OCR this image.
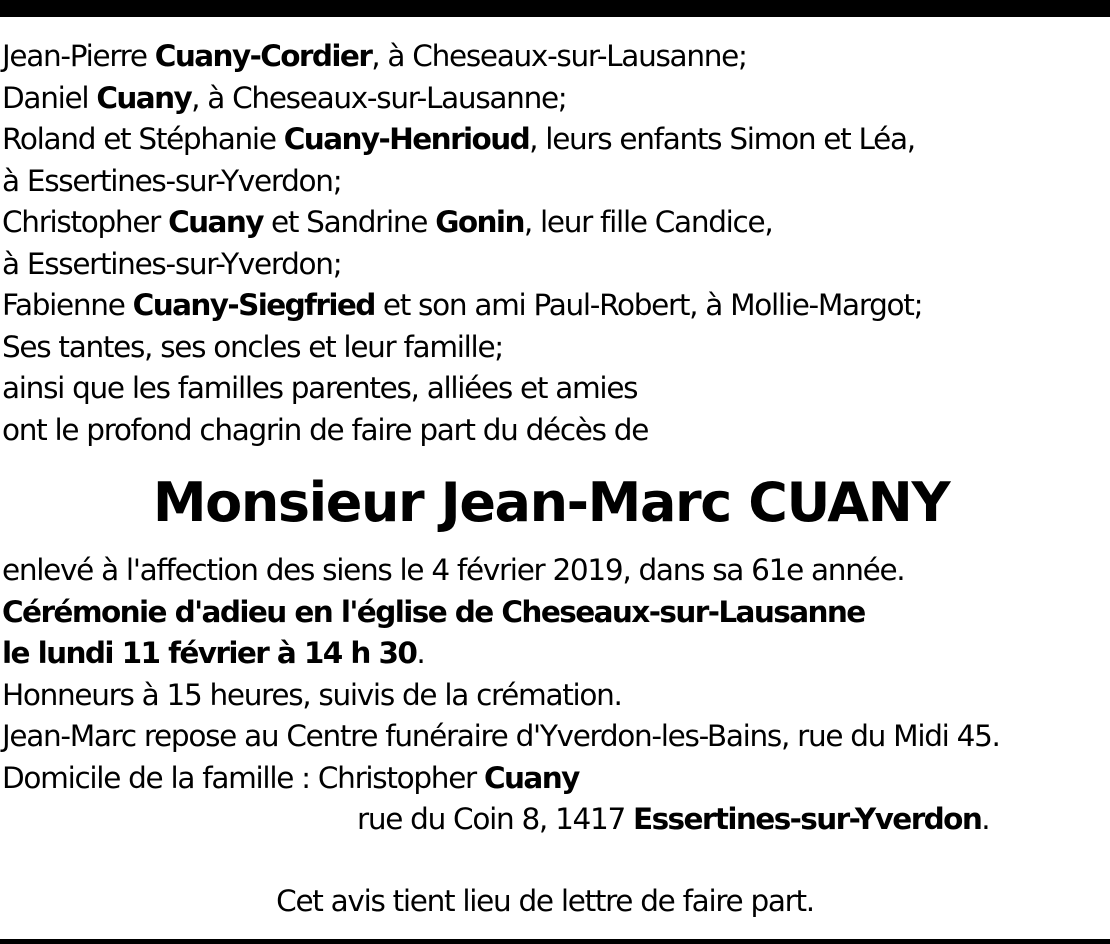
Jean-Pierre Cuany-Cordier, à Cheseaux-sur-Lausanne;
Daniel Cuany, à Cheseaux-sur-Lausanne;
Roland et Stéphanie Cuany-Henrioud, leurs enfants Simon et Léa,
à Essertines-sur-Yverdon;
Christopher Cuany et Sandrine Gonin, leur fille Candice,
à Essertines-sur-Yverdon;
Fabienne Cuany-Siegfried et son ami Paul-Robert, à Mollie-Margot;
Ses tantes, ses oncles et leur famille;
ainsi que les familles parentes, alliées et amies
ont le profond chagrin de faire part du décès de
Monsieur Jean-Marc CUANY
enlevé à l'affection des siens le 4 février 2019, dans sa 61e année.
Cérémonie d'adieu en l'église de Cheseaux-sur-Lausanne
le lundi 11 février à 14 h 30.
Honneurs à 15 heures, suivis de la crémation.
Jean-Marc repose au Centre funéraire d'Yverdon-les-Bains, rue du Midi 45.
Domicile de la famille : Christopher Cuany
rue du Coin 8, 1417 Essertines-sur-Yverdon.
Cet avis tient lieu de lettre de faire part.
